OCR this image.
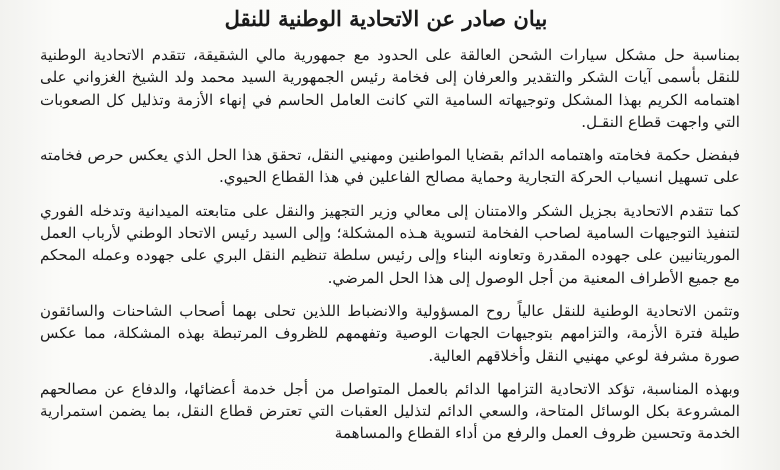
بيان صادر عن الاتحادية الوطنية للنقل

بمناسبة حل مشكل سيارات الشحن العالقة على الحدود مع جمهورية مالي الشقيقة، تتقدم الاتحادية الوطنية للنقل بأسمى آيات الشكر والتقدير والعرفان إلى فخامة رئيس الجمهورية السيد محمد ولد الشيخ الغزواني على اهتمامه الكريم بهذا المشكل وتوجيهاته السامية التي كانت العامل الحاسم في إنهاء الأزمة وتذليل كل الصعوبات التي واجهت قطاع النقـل.

فبفضل حكمة فخامته واهتمامه الدائم بقضايا المواطنين ومهنيي النقل، تحقق هذا الحل الذي يعكس حرص فخامته على تسهيل انسياب الحركة التجارية وحماية مصالح الفاعلين في هذا القطاع الحيوي.

كما تتقدم الاتحادية بجزيل الشكر والامتنان إلى معالي وزير التجهيز والنقل على متابعته الميدانية وتدخله الفوري لتنفيذ التوجيهات السامية لصاحب الفخامة لتسوية هـذه المشكلة؛ وإلى السيد رئيس الاتحاد الوطني لأرباب العمل الموريتانيين على جهوده المقدرة وتعاونه البناء وإلى رئيس سلطة تنظيم النقل البري على جهوده وعمله المحكم مع جميع الأطراف المعنية من أجل الوصول إلى هذا الحل المرضي.

وتثمن الاتحادية الوطنية للنقل عالياً روح المسؤولية والانضباط اللذين تحلى بهما أصحاب الشاحنات والسائقون طيلة فترة الأزمة، والتزامهم بتوجيهات الجهات الوصية وتفهمهم للظروف المرتبطة بهذه المشكلة، مما عكس صورة مشرفة لوعي مهنيي النقل وأخلاقهم العالية.

وبهذه المناسبة، تؤكد الاتحادية التزامها الدائم بالعمل المتواصل من أجل خدمة أعضائها، والدفاع عن مصالحهم المشروعة بكل الوسائل المتاحة، والسعي الدائم لتذليل العقبات التي تعترض قطاع النقل، بما يضمن استمرارية الخدمة وتحسين ظروف العمل والرفع من أداء القطاع والمساهمة
